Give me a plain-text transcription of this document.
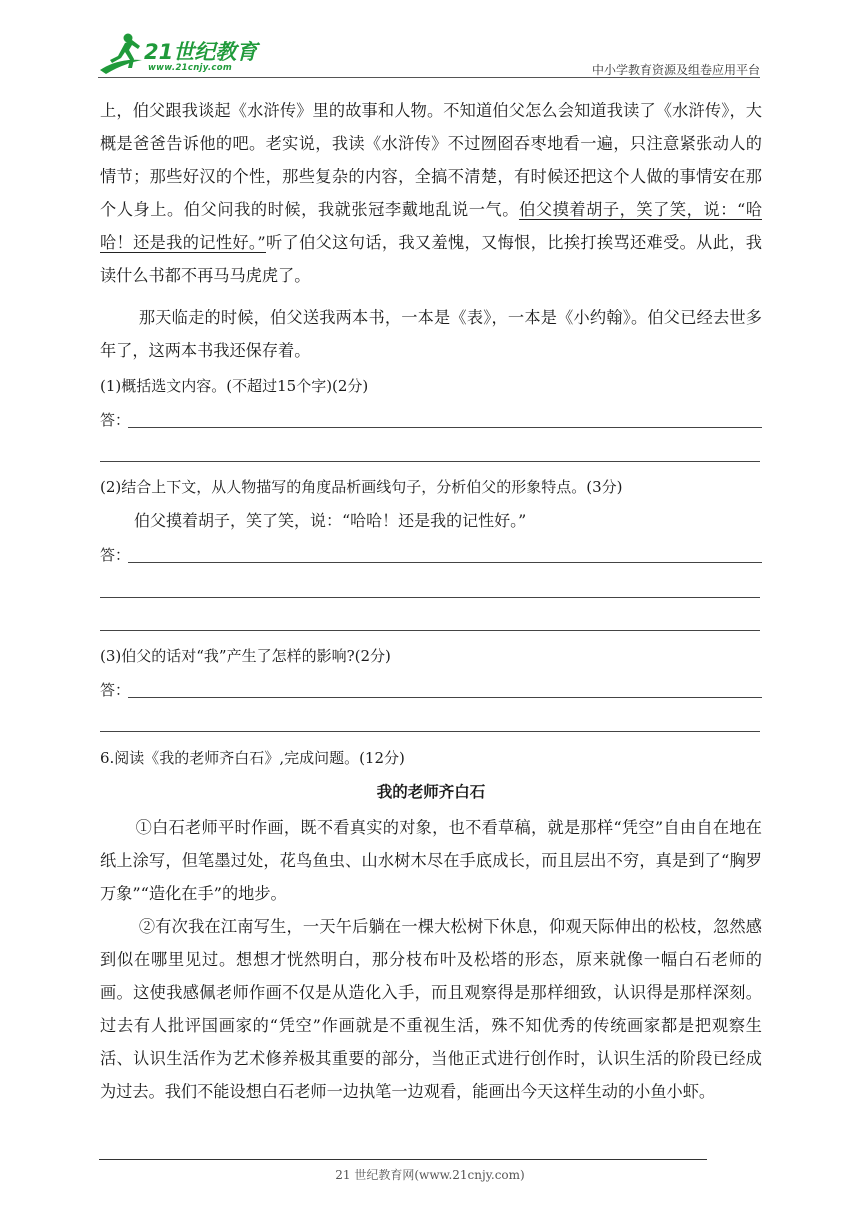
21世纪教育
www.21cnjy.com	中小学教育资源及组卷应用平台
上，伯父跟我谈起《水浒传》里的故事和人物。不知道伯父怎么会知道我读了《水浒传》，大概是爸爸告诉他的吧。老实说，我读《水浒传》不过囫囵吞枣地看一遍，只注意紧张动人的情节；那些好汉的个性，那些复杂的内容，全搞不清楚，有时候还把这个人做的事情安在那个人身上。伯父问我的时候，我就张冠李戴地乱说一气。伯父摸着胡子，笑了笑，说：“哈哈！还是我的记性好。”听了伯父这句话，我又羞愧，又悔恨，比挨打挨骂还难受。从此，我读什么书都不再马马虎虎了。
那天临走的时候，伯父送我两本书，一本是《表》，一本是《小约翰》。伯父已经去世多年了，这两本书我还保存着。
(1)概括选文内容。(不超过15个字)(2分)
答：
(2)结合上下文，从人物描写的角度品析画线句子，分析伯父的形象特点。(3分)
伯父摸着胡子，笑了笑，说：“哈哈！还是我的记性好。”
答：
(3)伯父的话对“我”产生了怎样的影响?(2分)
答：
6.阅读《我的老师齐白石》,完成问题。(12分)
我的老师齐白石
①白石老师平时作画，既不看真实的对象，也不看草稿，就是那样“凭空”自由自在地在纸上涂写，但笔墨过处，花鸟鱼虫、山水树木尽在手底成长，而且层出不穷，真是到了“胸罗万象”“造化在手”的地步。
②有次我在江南写生，一天午后躺在一棵大松树下休息，仰观天际伸出的松枝，忽然感到似在哪里见过。想想才恍然明白，那分枝布叶及松塔的形态，原来就像一幅白石老师的画。这使我感佩老师作画不仅是从造化入手，而且观察得是那样细致，认识得是那样深刻。过去有人批评国画家的“凭空”作画就是不重视生活，殊不知优秀的传统画家都是把观察生活、认识生活作为艺术修养极其重要的部分，当他正式进行创作时，认识生活的阶段已经成为过去。我们不能设想白石老师一边执笔一边观看，能画出今天这样生动的小鱼小虾。
21 世纪教育网(www.21cnjy.com)
